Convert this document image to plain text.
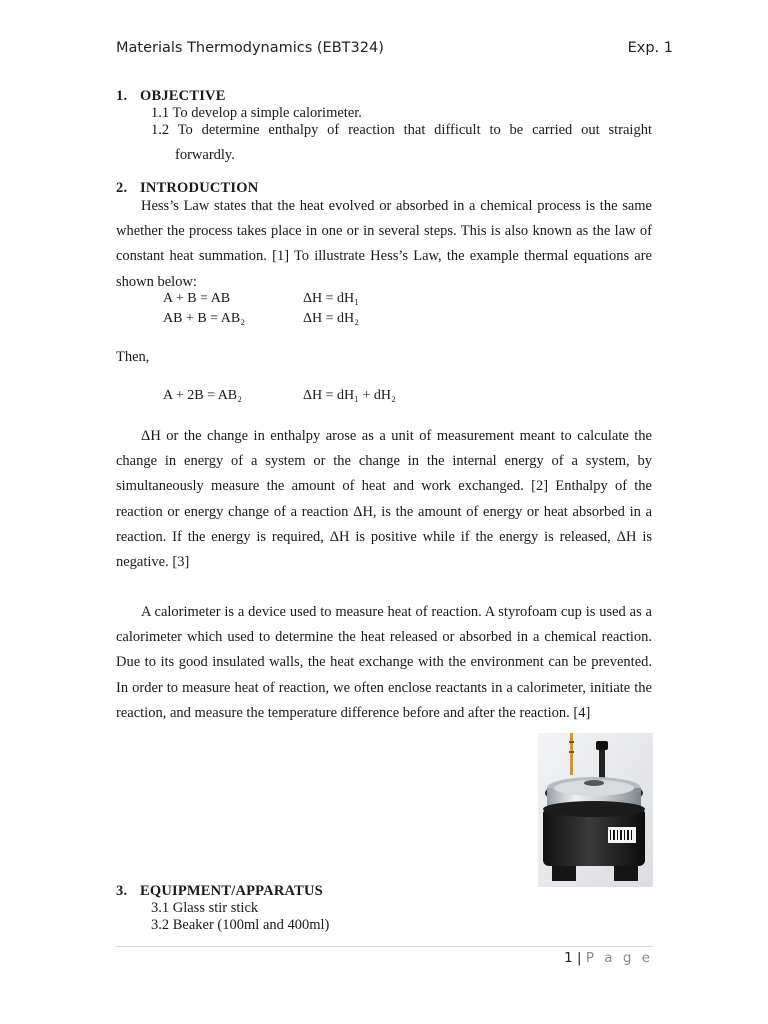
Materials Thermodynamics (EBT324)	Exp. 1
1. OBJECTIVE
1.1 To develop a simple calorimeter.
1.2 To determine enthalpy of reaction that difficult to be carried out straight
forwardly.
2. INTRODUCTION
Hess’s Law states that the heat evolved or absorbed in a chemical process is the same whether the process takes place in one or in several steps. This is also known as the law of constant heat summation. [1] To illustrate Hess’s Law, the example thermal equations are shown below:
A + B = AB	ΔH = dH₁
AB + B = AB₂	ΔH = dH₂
Then,
A + 2B = AB₂	ΔH = dH₁ + dH₂
ΔH or the change in enthalpy arose as a unit of measurement meant to calculate the change in energy of a system or the change in the internal energy of a system, by simultaneously measure the amount of heat and work exchanged. [2] Enthalpy of the reaction or energy change of a reaction ΔH, is the amount of energy or heat absorbed in a reaction. If the energy is required, ΔH is positive while if the energy is released, ΔH is negative. [3]
A calorimeter is a device used to measure heat of reaction. A styrofoam cup is used as a calorimeter which used to determine the heat released or absorbed in a chemical reaction. Due to its good insulated walls, the heat exchange with the environment can be prevented. In order to measure heat of reaction, we often enclose reactants in a calorimeter, initiate the reaction, and measure the temperature difference before and after the reaction. [4]
3. EQUIPMENT/APPARATUS
3.1 Glass stir stick
3.2 Beaker (100ml and 400ml)
1 | P a g e
